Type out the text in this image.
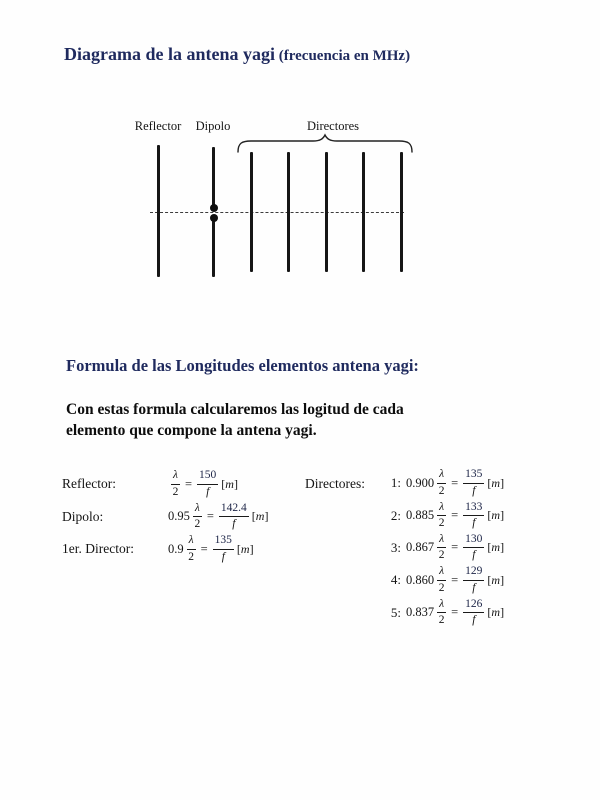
Diagrama de la antena yagi (frecuencia en MHz)
Reflector Dipolo	Directores
Formula de las Longitudes elementos antena yagi:
Con estas formula calcularemos las logitud de cada
elemento que compone la antena yagi.
Reflector:	$\frac{\lambda}{2} = \frac{150}{f} [m]$
Dipolo:	$0.95 \frac{\lambda}{2} = \frac{142.4}{f} [m]$
1er. Director:	$0.9 \frac{\lambda}{2} = \frac{135}{f} [m]$
Directores:	1: $0.900 \frac{\lambda}{2} = \frac{135}{f} [m]$
2: $0.885 \frac{\lambda}{2} = \frac{133}{f} [m]$
3: $0.867 \frac{\lambda}{2} = \frac{130}{f} [m]$
4: $0.860 \frac{\lambda}{2} = \frac{129}{f} [m]$
5: $0.837 \frac{\lambda}{2} = \frac{126}{f} [m]$
